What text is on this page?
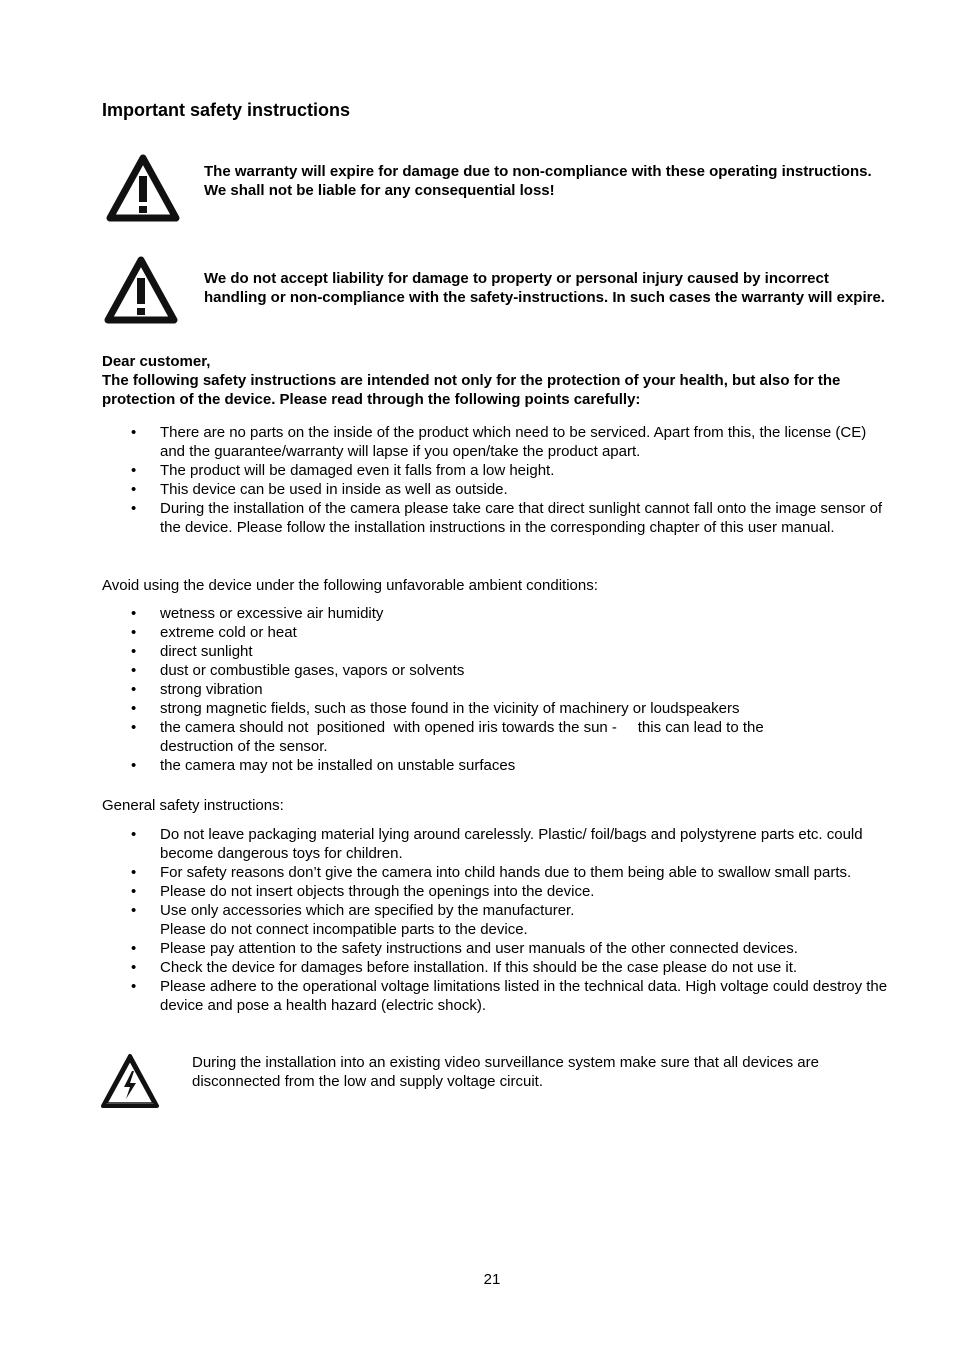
Important safety instructions

The warranty will expire for damage due to non-compliance with these operating instructions. We shall not be liable for any consequential loss!

We do not accept liability for damage to property or personal injury caused by incorrect handling or non-compliance with the safety-instructions. In such cases the warranty will expire.

Dear customer,

The following safety instructions are intended not only for the protection of your health, but also for the protection of the device. Please read through the following points carefully:

• There are no parts on the inside of the product which need to be serviced. Apart from this, the license (CE) and the guarantee/warranty will lapse if you open/take the product apart.
• The product will be damaged even it falls from a low height.
• This device can be used in inside as well as outside.
• During the installation of the camera please take care that direct sunlight cannot fall onto the image sensor of the device. Please follow the installation instructions in the corresponding chapter of this user manual.

Avoid using the device under the following unfavorable ambient conditions:

• wetness or excessive air humidity
• extreme cold or heat
• direct sunlight
• dust or combustible gases, vapors or solvents
• strong vibration
• strong magnetic fields, such as those found in the vicinity of machinery or loudspeakers
• the camera should not  positioned  with opened iris towards the sun -     this can lead to the destruction of the sensor.
• the camera may not be installed on unstable surfaces

General safety instructions:

• Do not leave packaging material lying around carelessly. Plastic/ foil/bags and polystyrene parts etc. could become dangerous toys for children.
• For safety reasons don’t give the camera into child hands due to them being able to swallow small parts.
• Please do not insert objects through the openings into the device.
• Use only accessories which are specified by the manufacturer.
Please do not connect incompatible parts to the device.
• Please pay attention to the safety instructions and user manuals of the other connected devices.
• Check the device for damages before installation. If this should be the case please do not use it.
• Please adhere to the operational voltage limitations listed in the technical data. High voltage could destroy the device and pose a health hazard (electric shock).

During the installation into an existing video surveillance system make sure that all devices are disconnected from the low and supply voltage circuit.

21
